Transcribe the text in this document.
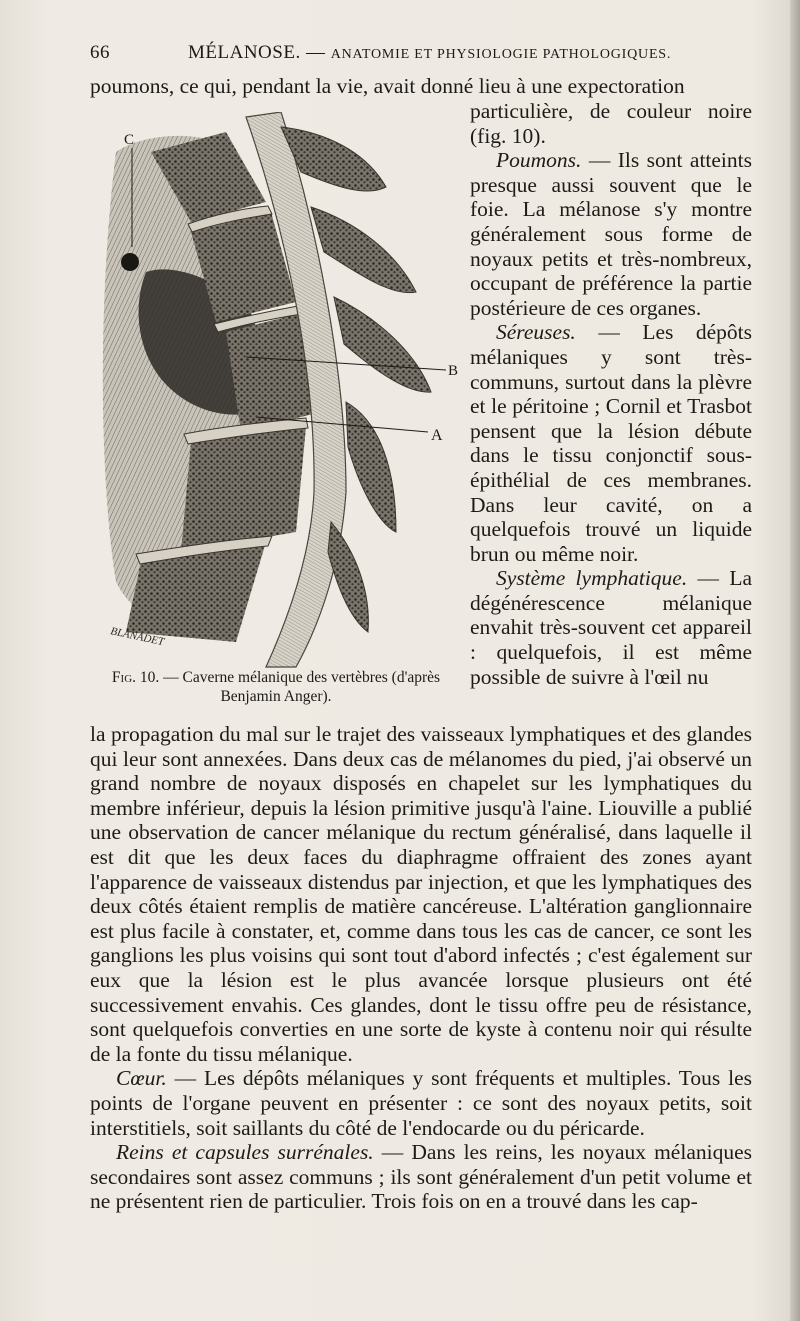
66	MÉLANOSE. — ANATOMIE ET PHYSIOLOGIE PATHOLOGIQUES.
poumons, ce qui, pendant la vie, avait donné lieu à une expectoration
C
B
A
BLANADET
Fig. 10. — Caverne mélanique des vertèbres (d'après Benjamin Anger).

particulière, de couleur noire (fig. 10).

Poumons. — Ils sont atteints presque aussi souvent que le foie. La mélanose s'y montre généralement sous forme de noyaux petits et très-nombreux, occupant de préférence la partie postérieure de ces organes.

Séreuses. — Les dépôts mélaniques y sont très-communs, surtout dans la plèvre et le péritoine ; Cornil et Trasbot pensent que la lésion débute dans le tissu conjonctif sous-épithélial de ces membranes. Dans leur cavité, on a quelquefois trouvé un liquide brun ou même noir.

Système lymphatique. — La dégénérescence mélanique envahit très-souvent cet appareil : quelquefois, il est même possible de suivre à l'œil nu

la propagation du mal sur le trajet des vaisseaux lymphatiques et des glandes qui leur sont annexées. Dans deux cas de mélanomes du pied, j'ai observé un grand nombre de noyaux disposés en chapelet sur les lymphatiques du membre inférieur, depuis la lésion primitive jusqu'à l'aine. Liouville a publié une observation de cancer mélanique du rectum généralisé, dans laquelle il est dit que les deux faces du diaphragme offraient des zones ayant l'apparence de vaisseaux distendus par injection, et que les lymphatiques des deux côtés étaient remplis de matière cancéreuse. L'altération ganglionnaire est plus facile à constater, et, comme dans tous les cas de cancer, ce sont les ganglions les plus voisins qui sont tout d'abord infectés ; c'est également sur eux que la lésion est le plus avancée lorsque plusieurs ont été successivement envahis. Ces glandes, dont le tissu offre peu de résistance, sont quelquefois converties en une sorte de kyste à contenu noir qui résulte de la fonte du tissu mélanique.

Cœur. — Les dépôts mélaniques y sont fréquents et multiples. Tous les points de l'organe peuvent en présenter : ce sont des noyaux petits, soit interstitiels, soit saillants du côté de l'endocarde ou du péricarde.

Reins et capsules surrénales. — Dans les reins, les noyaux mélaniques secondaires sont assez communs ; ils sont généralement d'un petit volume et ne présentent rien de particulier. Trois fois on en a trouvé dans les cap-
